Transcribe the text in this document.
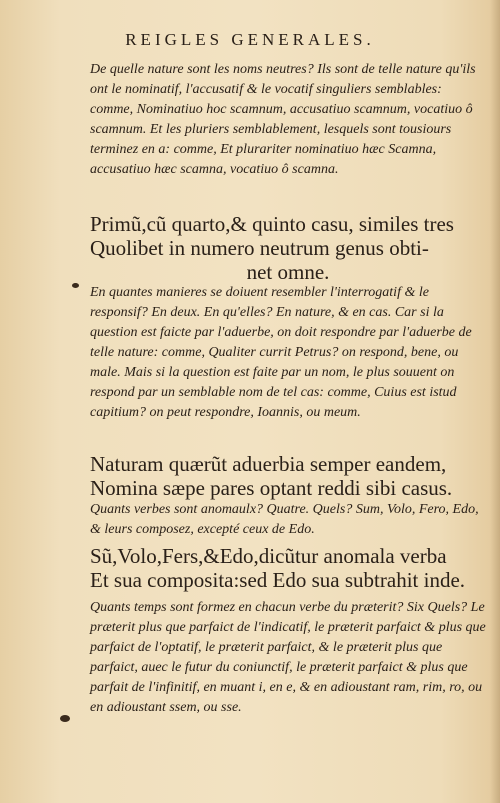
REIGLES GENERALES.

De quelle nature sont les noms neutres? Ils sont de telle nature qu'ils ont le nominatif, l'accusatif & le vocatif singuliers semblables: comme, Nominatiuo hoc scamnum, accusatiuo scamnum, vocatiuo ô scamnum. Et les pluriers semblablement, lesquels sont tousiours terminez en a: comme, Et plurariter nominatiuo hæc Scamna, accusatiuo hæc scamna, vocatiuo ô scamna.

Primũ,cũ quarto,& quinto casu, similes tres
Quolibet in numero neutrum genus obti-
net omne.

En quantes manieres se doiuent resembler l'interrogatif & le responsif? En deux. En qu'elles? En nature, & en cas. Car si la question est faicte par l'aduerbe, on doit respondre par l'aduerbe de telle nature: comme, Qualiter currit Petrus? on respond, bene, ou male. Mais si la question est faite par un nom, le plus souuent on respond par un semblable nom de tel cas: comme, Cuius est istud capitium? on peut respondre, Ioannis, ou meum.

Naturam quærũt aduerbia semper eandem,
Nomina sæpe pares optant reddi sibi casus.

Quants verbes sont anomaulx? Quatre. Quels? Sum, Volo, Fero, Edo, & leurs composez, excepté ceux de Edo.

Sũ,Volo,Fers,&Edo,dicũtur anomala verba
Et sua composita:sed Edo sua subtrahit inde.

Quants temps sont formez en chacun verbe du præterit? Six Quels? Le præterit plus que parfaict de l'indicatif, le præterit parfaict & plus que parfaict de l'optatif, le præterit parfaict, & le præterit plus que parfaict, auec le futur du coniunctif, le præterit parfaict & plus que parfait de l'infinitif, en muant i, en e, & en adioustant ram, rim, ro, ou en adioustant ssem, ou sse.
